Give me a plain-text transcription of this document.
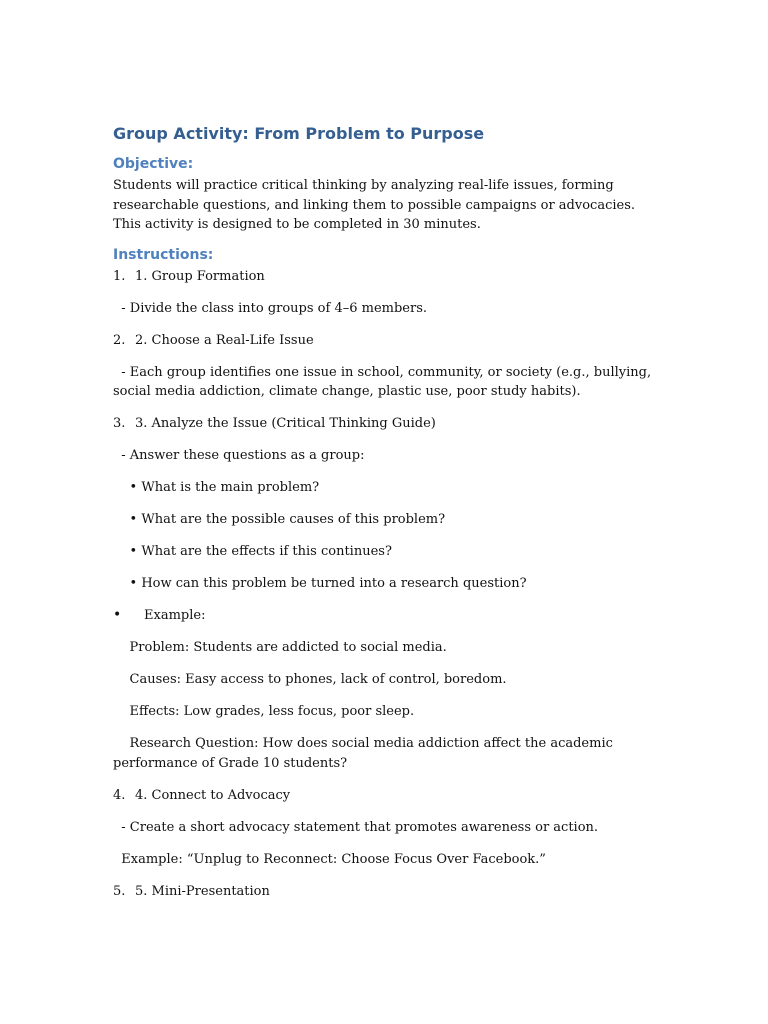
Group Activity: From Problem to Purpose
Objective:

Students will practice critical thinking by analyzing real-life issues, forming researchable questions, and linking them to possible campaigns or advocacies. This activity is designed to be completed in 30 minutes.

Instructions:

1. 1. Group Formation

- Divide the class into groups of 4–6 members.

2. 2. Choose a Real-Life Issue

- Each group identifies one issue in school, community, or society (e.g., bullying, social media addiction, climate change, plastic use, poor study habits).

3. 3. Analyze the Issue (Critical Thinking Guide)

- Answer these questions as a group:

• What is the main problem?

• What are the possible causes of this problem?

• What are the effects if this continues?

• How can this problem be turned into a research question?

• Example:

Problem: Students are addicted to social media.

Causes: Easy access to phones, lack of control, boredom.

Effects: Low grades, less focus, poor sleep.

Research Question: How does social media addiction affect the academic performance of Grade 10 students?

4. 4. Connect to Advocacy

- Create a short advocacy statement that promotes awareness or action.

Example: “Unplug to Reconnect: Choose Focus Over Facebook.”

5. 5. Mini-Presentation
